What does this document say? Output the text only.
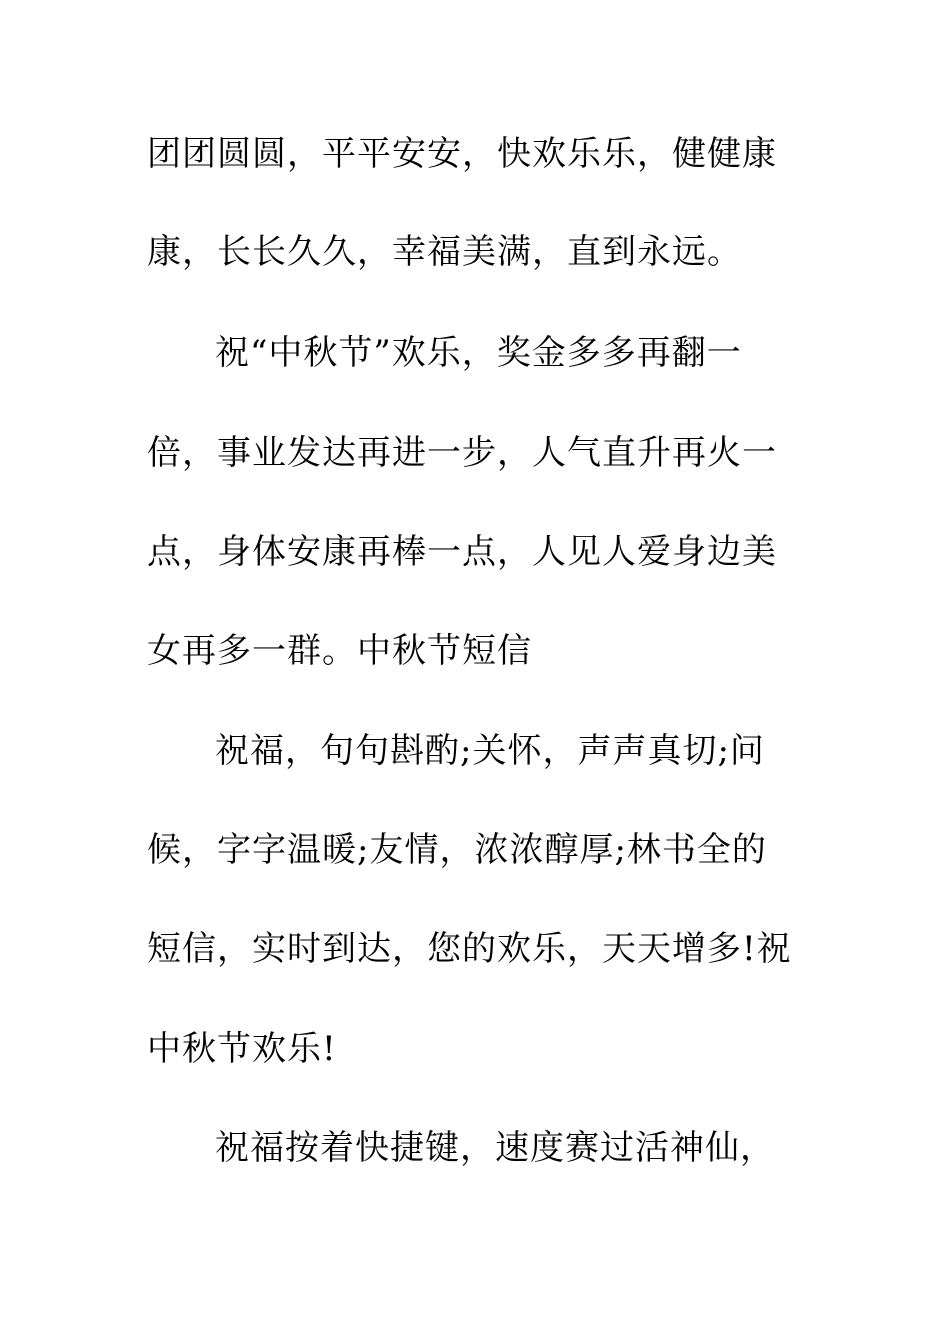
团团圆圆，平平安安，快欢乐乐，健健康
康，长长久久，幸福美满，直到永远。
祝“中秋节”欢乐，奖金多多再翻一
倍，事业发达再进一步，人气直升再火一
点，身体安康再棒一点，人见人爱身边美
女再多一群。中秋节短信
祝福，句句斟酌;关怀，声声真切;问
候，字字温暖;友情，浓浓醇厚;林书全的
短信，实时到达，您的欢乐，天天增多!祝
中秋节欢乐!
祝福按着快捷键，速度赛过活神仙，
